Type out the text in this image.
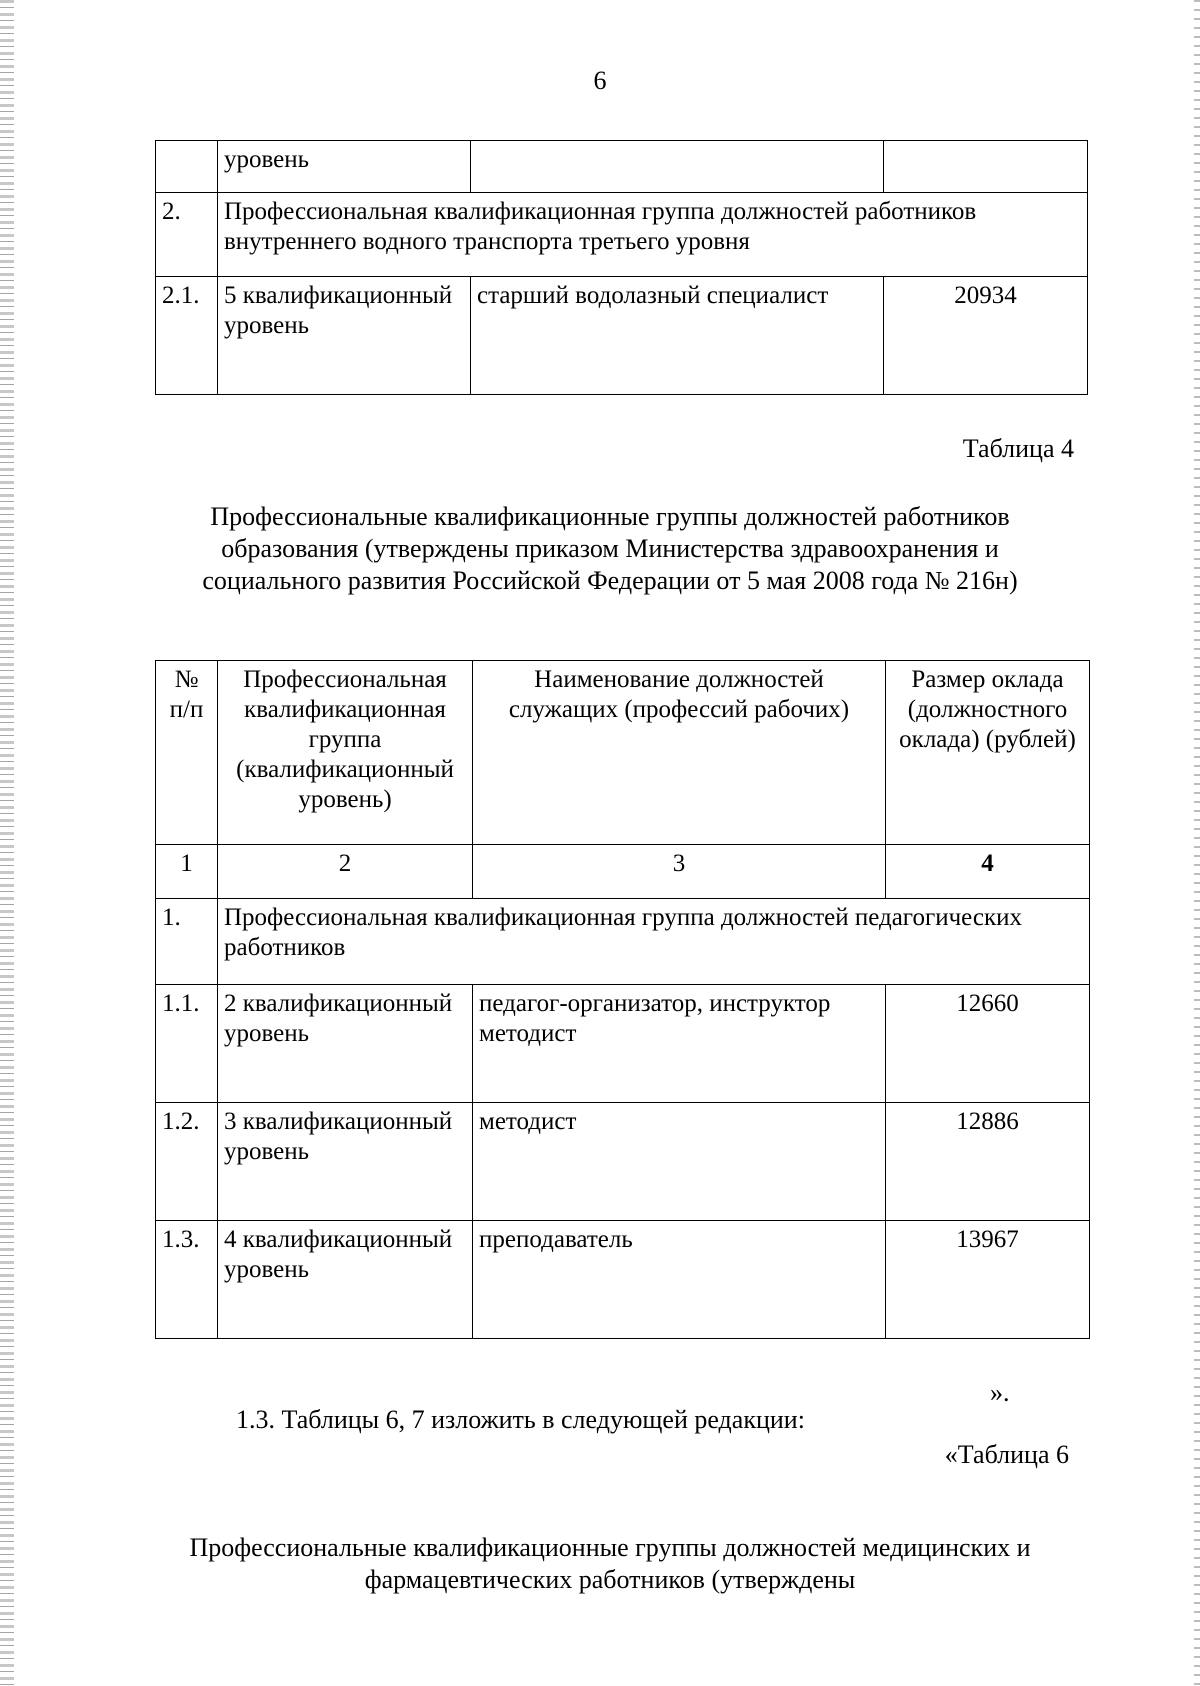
6
	уровень		
2.	Профессиональная квалификационная группа должностей работников внутреннего водного транспорта третьего уровня		
2.1.	5 квалификационный уровень	старший водолазный специалист	20934
Таблица 4
Профессиональные квалификационные группы должностей работников образования (утверждены приказом Министерства здравоохранения и социального развития Российской Федерации от 5 мая 2008 года № 216н)
№ п/п	Профессиональная квалификационная группа (квалификационный уровень)	Наименование должностей служащих (профессий рабочих)	Размер оклада (должностного оклада) (рублей)
1	2	3	4
1.	Профессиональная квалификационная группа должностей педагогических работников		
1.1.	2 квалификационный уровень	педагог-организатор, инструктор методист	12660
1.2.	3 квалификационный уровень	методист	12886
1.3.	4 квалификационный уровень	преподаватель	13967
».
1.3. Таблицы 6, 7 изложить в следующей редакции:
«Таблица 6
Профессиональные квалификационные группы должностей медицинских и фармацевтических работников (утверждены
